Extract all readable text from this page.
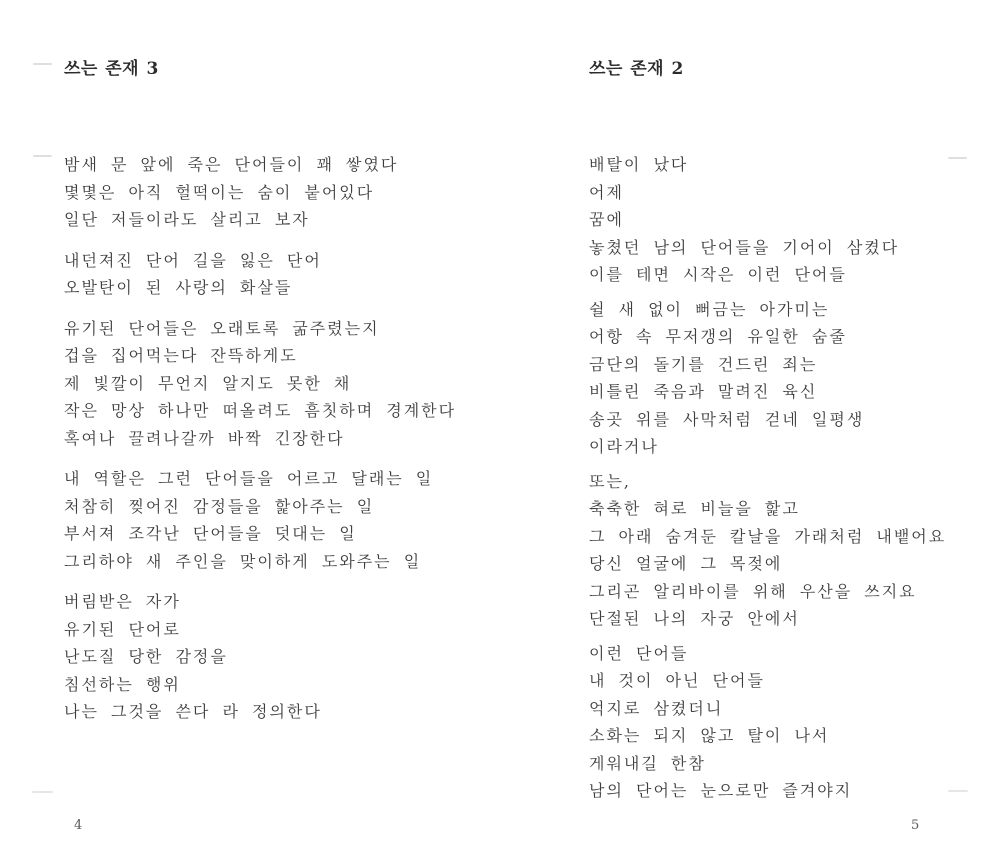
쓰는 존재 3
밤새 문 앞에 죽은 단어들이 꽤 쌓였다
몇몇은 아직 헐떡이는 숨이 붙어있다
일단 저들이라도 살리고 보자
내던져진 단어 길을 잃은 단어
오발탄이 된 사랑의 화살들
유기된 단어들은 오래토록 굶주렸는지
겁을 집어먹는다 잔뜩하게도
제 빛깔이 무언지 알지도 못한 채
작은 망상 하나만 떠올려도 흠칫하며 경계한다
혹여나 끌려나갈까 바짝 긴장한다
내 역할은 그런 단어들을 어르고 달래는 일
처참히 찢어진 감정들을 핥아주는 일
부서져 조각난 단어들을 덧대는 일
그리하야 새 주인을 맞이하게 도와주는 일
버림받은 자가
유기된 단어로
난도질 당한 감정을
침선하는 행위
나는 그것을 쓴다 라 정의한다
4
쓰는 존재 2
배탈이 났다
어제
꿈에
놓쳤던 남의 단어들을 기어이 삼켰다
이를 테면 시작은 이런 단어들
쉴 새 없이 뻐금는 아가미는
어항 속 무저갱의 유일한 숨줄
금단의 돌기를 건드린 죄는
비틀린 죽음과 말려진 육신
송곳 위를 사막처럼 걷네 일평생
이라거나
또는,
축축한 혀로 비늘을 핥고
그 아래 숨겨둔 칼날을 가래처럼 내뱉어요
당신 얼굴에 그 목젖에
그리곤 알리바이를 위해 우산을 쓰지요
단절된 나의 자궁 안에서
이런 단어들
내 것이 아닌 단어들
억지로 삼켰더니
소화는 되지 않고 탈이 나서
게워내길 한참
남의 단어는 눈으로만 즐겨야지
5
